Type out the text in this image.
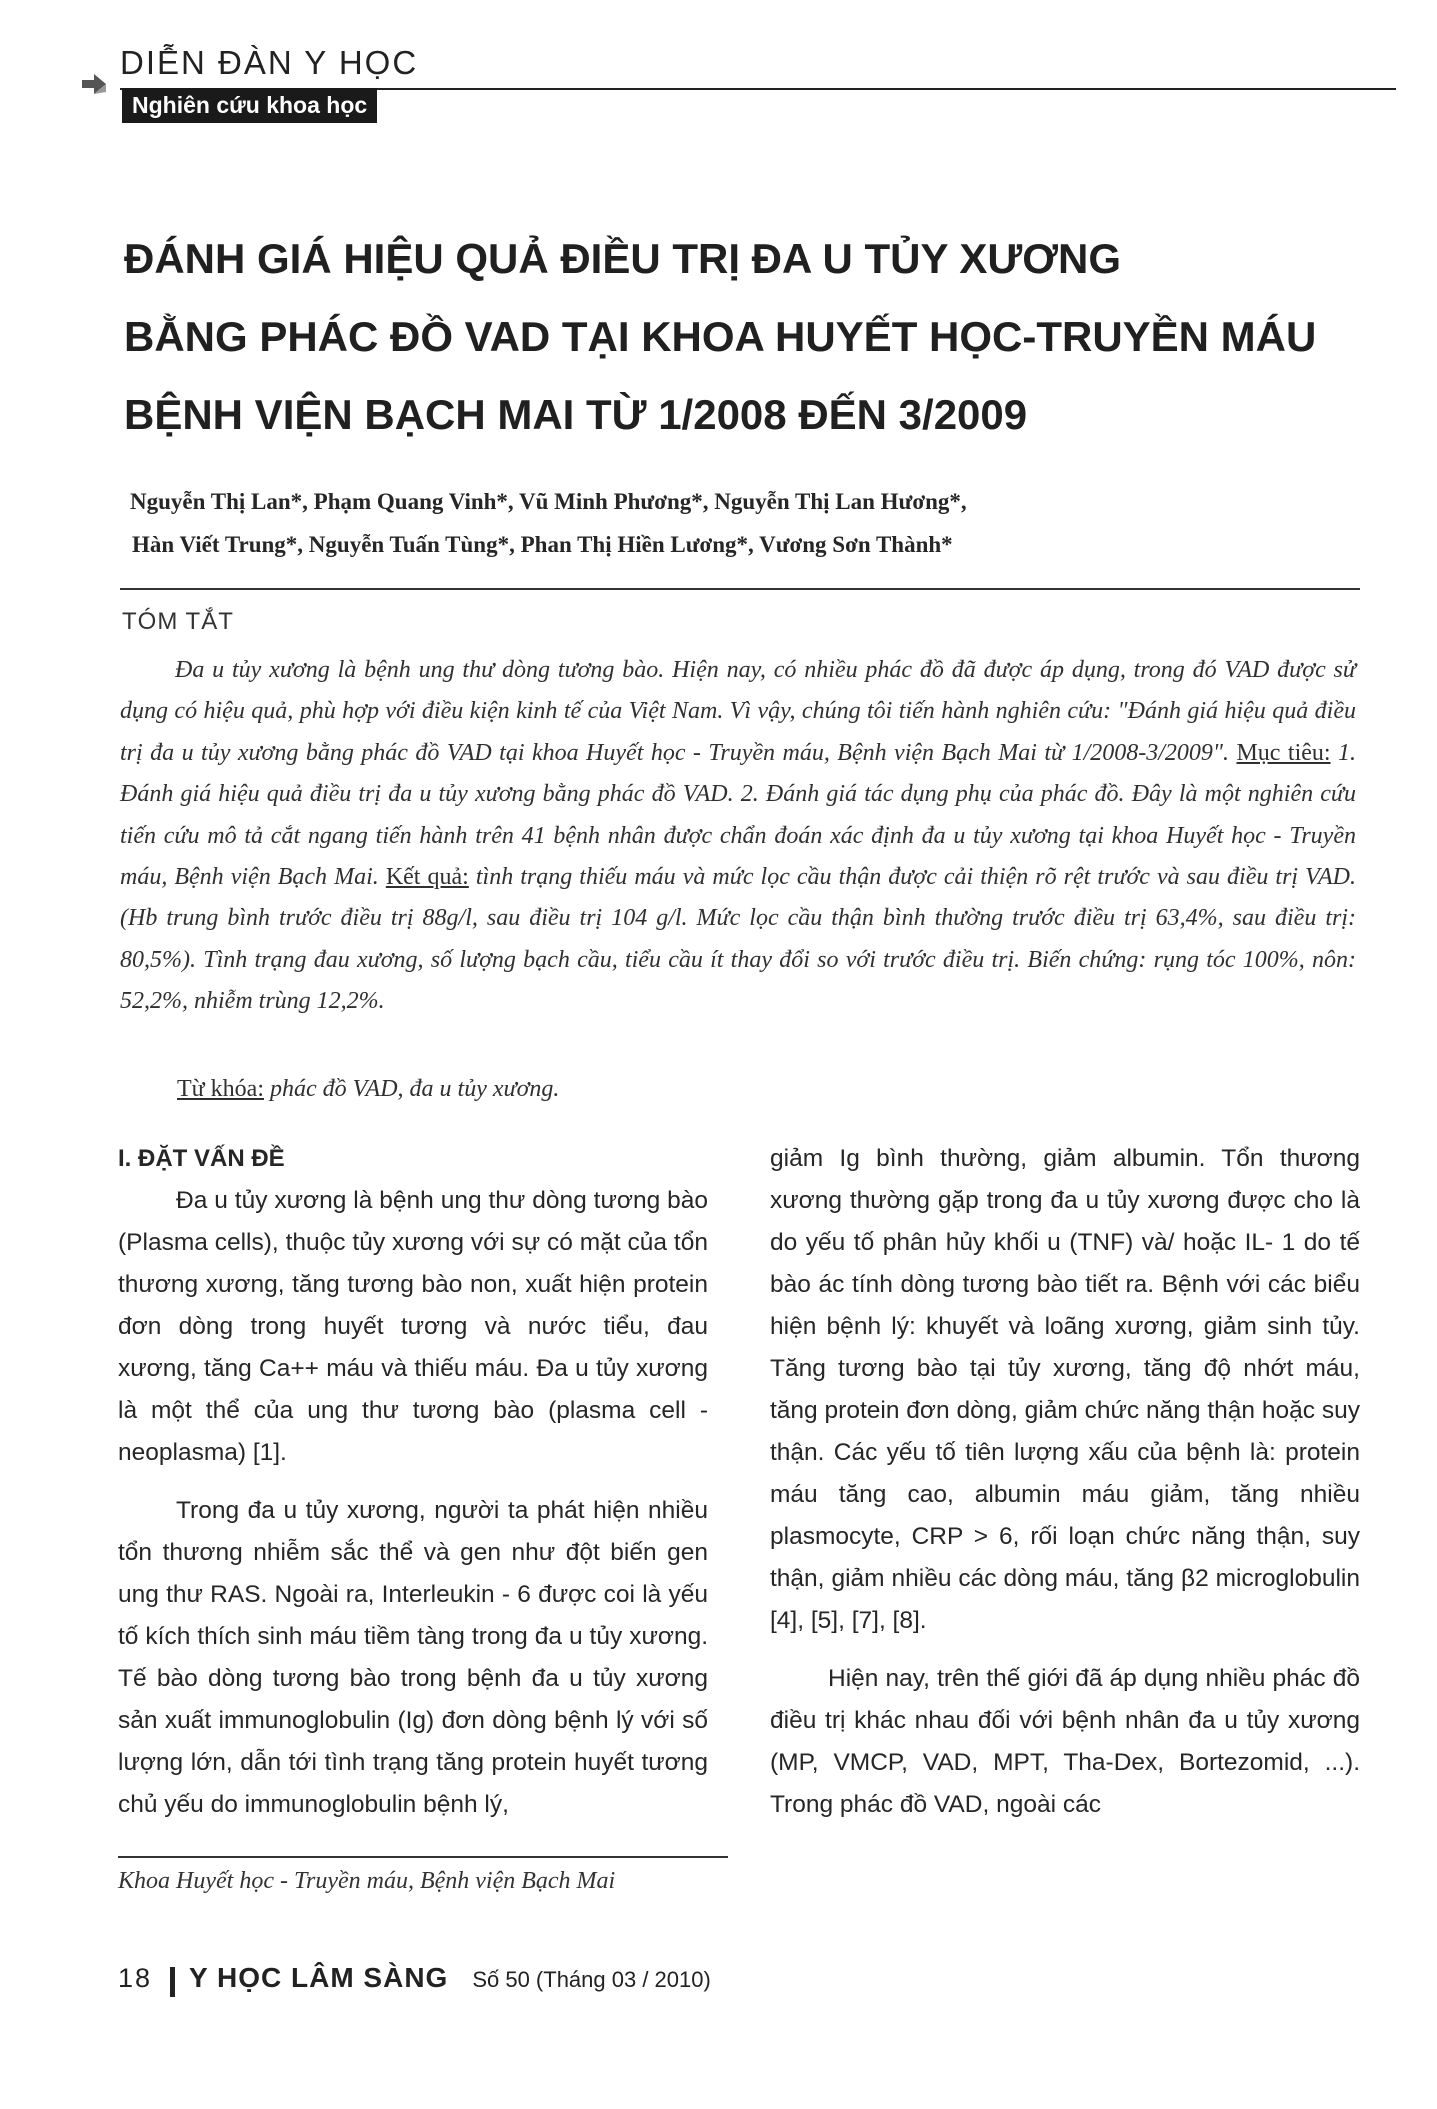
DIỄN ĐÀN Y HỌC
Nghiên cứu khoa học
ĐÁNH GIÁ HIỆU QUẢ ĐIỀU TRỊ ĐA U TỦY XƯƠNG
BẰNG PHÁC ĐỒ VAD TẠI KHOA HUYẾT HỌC-TRUYỀN MÁU
BỆNH VIỆN BẠCH MAI TỪ 1/2008 ĐẾN 3/2009
Nguyễn Thị Lan*, Phạm Quang Vinh*, Vũ Minh Phương*, Nguyễn Thị Lan Hương*,
Hàn Viết Trung*, Nguyễn Tuấn Tùng*, Phan Thị Hiền Lương*, Vương Sơn Thành*
TÓM TẮT

Đa u tủy xương là bệnh ung thư dòng tương bào. Hiện nay, có nhiều phác đồ đã được áp dụng, trong đó VAD được sử dụng có hiệu quả, phù hợp với điều kiện kinh tế của Việt Nam. Vì vậy, chúng tôi tiến hành nghiên cứu: "Đánh giá hiệu quả điều trị đa u tủy xương bằng phác đồ VAD tại khoa Huyết học - Truyền máu, Bệnh viện Bạch Mai từ 1/2008-3/2009". Mục tiêu: 1. Đánh giá hiệu quả điều trị đa u tủy xương bằng phác đồ VAD. 2. Đánh giá tác dụng phụ của phác đồ. Đây là một nghiên cứu tiến cứu mô tả cắt ngang tiến hành trên 41 bệnh nhân được chẩn đoán xác định đa u tủy xương tại khoa Huyết học - Truyền máu, Bệnh viện Bạch Mai. Kết quả: tình trạng thiếu máu và mức lọc cầu thận được cải thiện rõ rệt trước và sau điều trị VAD. (Hb trung bình trước điều trị 88g/l, sau điều trị 104 g/l. Mức lọc cầu thận bình thường trước điều trị 63,4%, sau điều trị: 80,5%). Tình trạng đau xương, số lượng bạch cầu, tiểu cầu ít thay đổi so với trước điều trị. Biến chứng: rụng tóc 100%, nôn: 52,2%, nhiễm trùng 12,2%.

Từ khóa: phác đồ VAD, đa u tủy xương.
I. ĐẶT VẤN ĐỀ

Đa u tủy xương là bệnh ung thư dòng tương bào (Plasma cells), thuộc tủy xương với sự có mặt của tổn thương xương, tăng tương bào non, xuất hiện protein đơn dòng trong huyết tương và nước tiểu, đau xương, tăng Ca++ máu và thiếu máu. Đa u tủy xương là một thể của ung thư tương bào (plasma cell - neoplasma) [1].

Trong đa u tủy xương, người ta phát hiện nhiều tổn thương nhiễm sắc thể và gen như đột biến gen ung thư RAS. Ngoài ra, Interleukin - 6 được coi là yếu tố kích thích sinh máu tiềm tàng trong đa u tủy xương. Tế bào dòng tương bào trong bệnh đa u tủy xương sản xuất immunoglobulin (Ig) đơn dòng bệnh lý với số lượng lớn, dẫn tới tình trạng tăng protein huyết tương chủ yếu do immunoglobulin bệnh lý,

giảm Ig bình thường, giảm albumin. Tổn thương xương thường gặp trong đa u tủy xương được cho là do yếu tố phân hủy khối u (TNF) và/ hoặc IL- 1 do tế bào ác tính dòng tương bào tiết ra. Bệnh với các biểu hiện bệnh lý: khuyết và loãng xương, giảm sinh tủy. Tăng tương bào tại tủy xương, tăng độ nhớt máu, tăng protein đơn dòng, giảm chức năng thận hoặc suy thận. Các yếu tố tiên lượng xấu của bệnh là: protein máu tăng cao, albumin máu giảm, tăng nhiều plasmocyte, CRP > 6, rối loạn chức năng thận, suy thận, giảm nhiều các dòng máu, tăng β2 microglobulin [4], [5], [7], [8].

Hiện nay, trên thế giới đã áp dụng nhiều phác đồ điều trị khác nhau đối với bệnh nhân đa u tủy xương (MP, VMCP, VAD, MPT, Tha-Dex, Bortezomid, ...). Trong phác đồ VAD, ngoài các

Khoa Huyết học - Truyền máu, Bệnh viện Bạch Mai
18 Y HỌC LÂM SÀNG Số 50 (Tháng 03 / 2010)
